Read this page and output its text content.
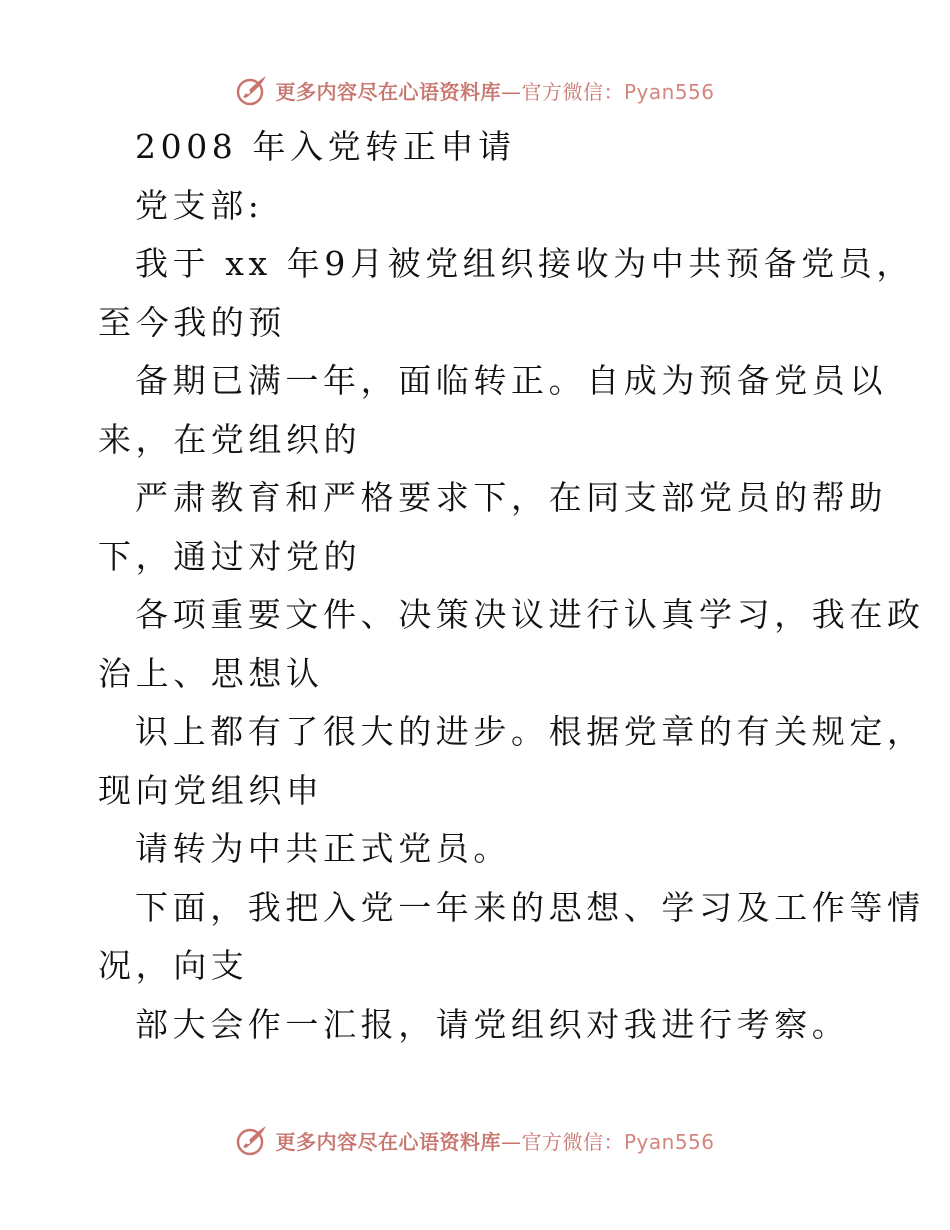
更多内容尽在心语资料库—官方微信：Pyan556
2008 年入党转正申请
党支部:
我于 xx 年9月被党组织接收为中共预备党员，
至今我的预
备期已满一年，面临转正。自成为预备党员以
来，在党组织的
严肃教育和严格要求下，在同支部党员的帮助
下，通过对党的
各项重要文件、决策决议进行认真学习，我在政
治上、思想认
识上都有了很大的进步。根据党章的有关规定，
现向党组织申
请转为中共正式党员。
下面，我把入党一年来的思想、学习及工作等情
况，向支
部大会作一汇报，请党组织对我进行考察。
更多内容尽在心语资料库—官方微信：Pyan556
